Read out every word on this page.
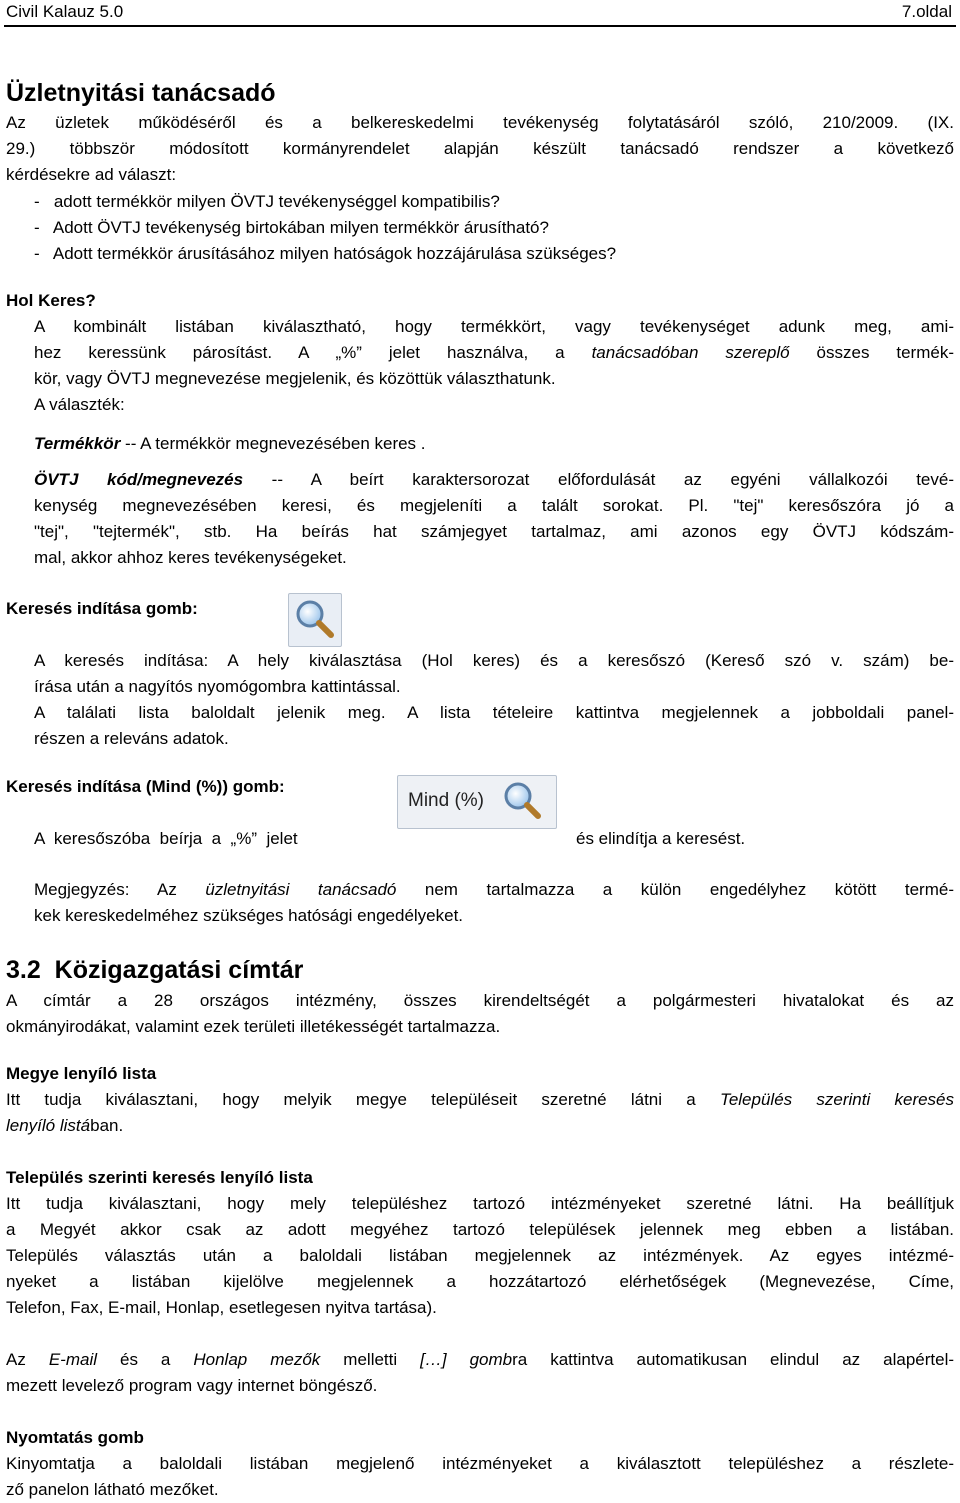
Civil Kalauz 5.0	7.oldal
Üzletnyitási tanácsadó
Az üzletek működéséről és a belkereskedelmi tevékenység folytatásáról szóló, 210/2009. (IX.
29.) többször módosított kormányrendelet alapján készült tanácsadó rendszer a következő
kérdésekre ad választ:
-   adott termékkör milyen ÖVTJ tevékenységgel kompatibilis?
-   Adott ÖVTJ tevékenység birtokában milyen termékkör árusítható?
-   Adott termékkör árusításához milyen hatóságok hozzájárulása szükséges?
Hol Keres?
A kombinált listában kiválasztható, hogy termékkört, vagy tevékenységet adunk meg, ami-
hez keressünk párosítást. A „%” jelet használva, a tanácsadóban szereplő összes termék-
kör, vagy ÖVTJ megnevezése megjelenik, és közöttük választhatunk.
A választék:
Termékkör -- A termékkör megnevezésében keres .
ÖVTJ kód/megnevezés -- A beírt karaktersorozat előfordulását az egyéni vállalkozói tevé-
kenység megnevezésében keresi, és megjeleníti a talált sorokat. Pl. "tej" keresőszóra jó a
"tej", "tejtermék", stb. Ha beírás hat számjegyet tartalmaz, ami azonos egy ÖVTJ kódszám-
mal, akkor ahhoz keres tevékenységeket.
Keresés indítása gomb:
A keresés indítása: A hely kiválasztása (Hol keres) és a keresőszó (Kereső szó v. szám) be-
írása után a nagyítós nyomógombra kattintással.
A találati lista baloldalt jelenik meg. A lista tételeire kattintva megjelennek a jobboldali panel-
részen a releváns adatok.
Keresés indítása (Mind (%)) gomb:
Mind (%)
A  keresőszóba  beírja  a  „%”  jelet	és elindítja a keresést.
Megjegyzés: Az üzletnyitási tanácsadó nem tartalmazza a külön engedélyhez kötött termé-
kek kereskedelméhez szükséges hatósági engedélyeket.
3.2  Közigazgatási címtár
A címtár a 28 országos intézmény, összes kirendeltségét a polgármesteri hivatalokat és az
okmányirodákat, valamint ezek területi illetékességét tartalmazza.
Megye lenyíló lista
Itt tudja kiválasztani, hogy melyik megye településeit szeretné látni a Település szerinti keresés
lenyíló listában.
Település szerinti keresés lenyíló lista
Itt tudja kiválasztani, hogy mely településhez tartozó intézményeket szeretné látni. Ha beállítjuk
a Megyét akkor csak az adott megyéhez tartozó települések jelennek meg ebben a listában.
Település választás után a baloldali listában megjelennek az intézmények. Az egyes intézmé-
nyeket a listában kijelölve megjelennek a hozzátartozó elérhetőségek (Megnevezése, Címe,
Telefon, Fax, E-mail, Honlap, esetlegesen nyitva tartása).
Az E-mail és a Honlap mezők melletti […] gombra kattintva automatikusan elindul az alapértel-
mezett levelező program vagy internet böngésző.
Nyomtatás gomb
Kinyomtatja a baloldali listában megjelenő intézményeket a kiválasztott településhez a részlete-
ző panelon látható mezőket.
